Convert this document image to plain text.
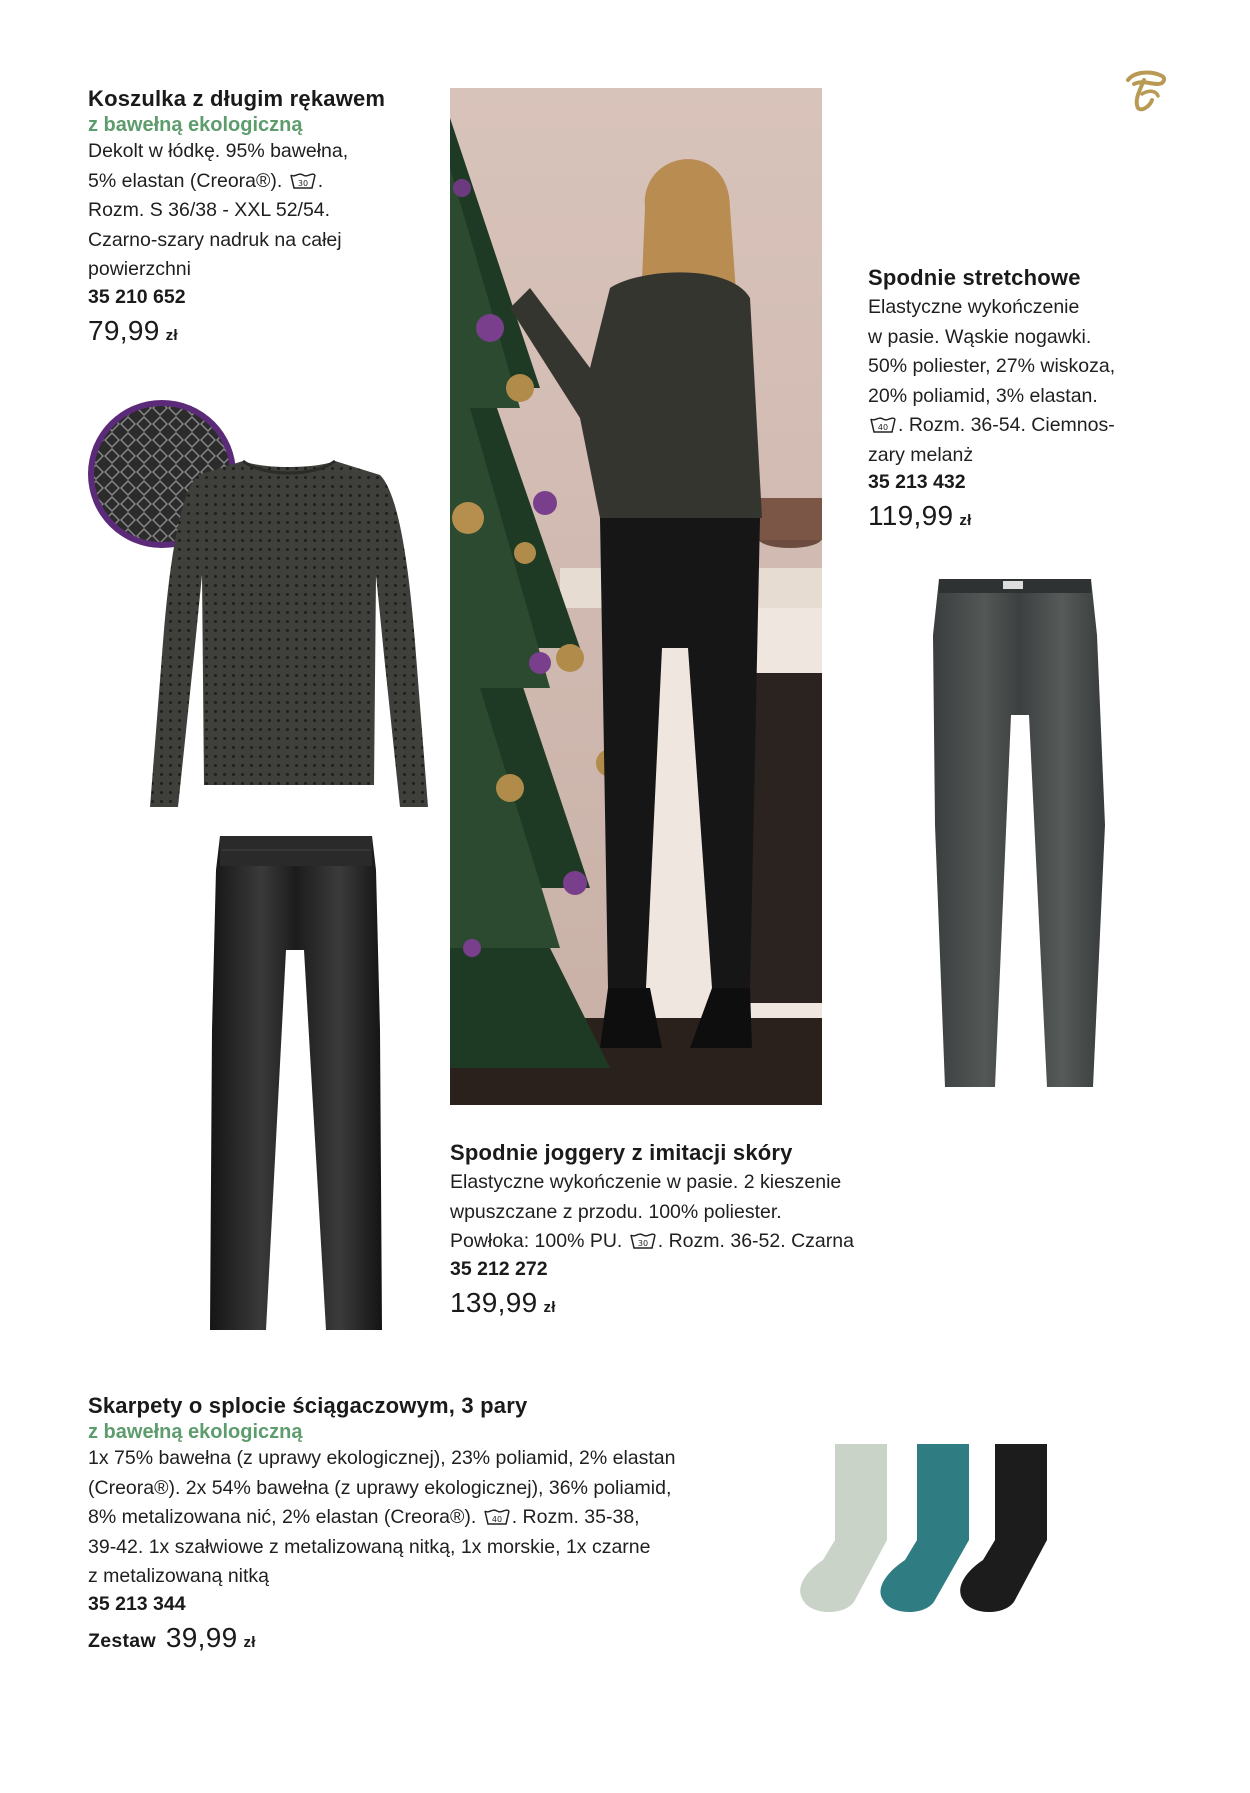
Koszulka z długim rękawem
z bawełną ekologiczną
Dekolt w łódkę. 95% bawełna,
5% elastan (Creora®). 30 .
Rozm. S 36/38 - XXL 52/54.
Czarno-szary nadruk na całej
powierzchni
35 210 652
79,99 zł
Spodnie stretchowe
Elastyczne wykończenie
w pasie. Wąskie nogawki.
50% poliester, 27% wiskoza,
20% poliamid, 3% elastan.
40 . Rozm. 36-54. Ciemnos-
zary melanż
35 213 432
119,99 zł
Spodnie joggery z imitacji skóry
Elastyczne wykończenie w pasie. 2 kieszenie
wpuszczane z przodu. 100% poliester.
Powłoka: 100% PU. 30 . Rozm. 36-52. Czarna
35 212 272
139,99 zł
Skarpety o splocie ściągaczowym, 3 pary
z bawełną ekologiczną
1x 75% bawełna (z uprawy ekologicznej), 23% poliamid, 2% elastan
(Creora®). 2x 54% bawełna (z uprawy ekologicznej), 36% poliamid,
8% metalizowana nić, 2% elastan (Creora®). 40 . Rozm. 35-38,
39-42. 1x szałwiowe z metalizowaną nitką, 1x morskie, 1x czarne
z metalizowaną nitką
35 213 344
Zestaw 39,99 zł
